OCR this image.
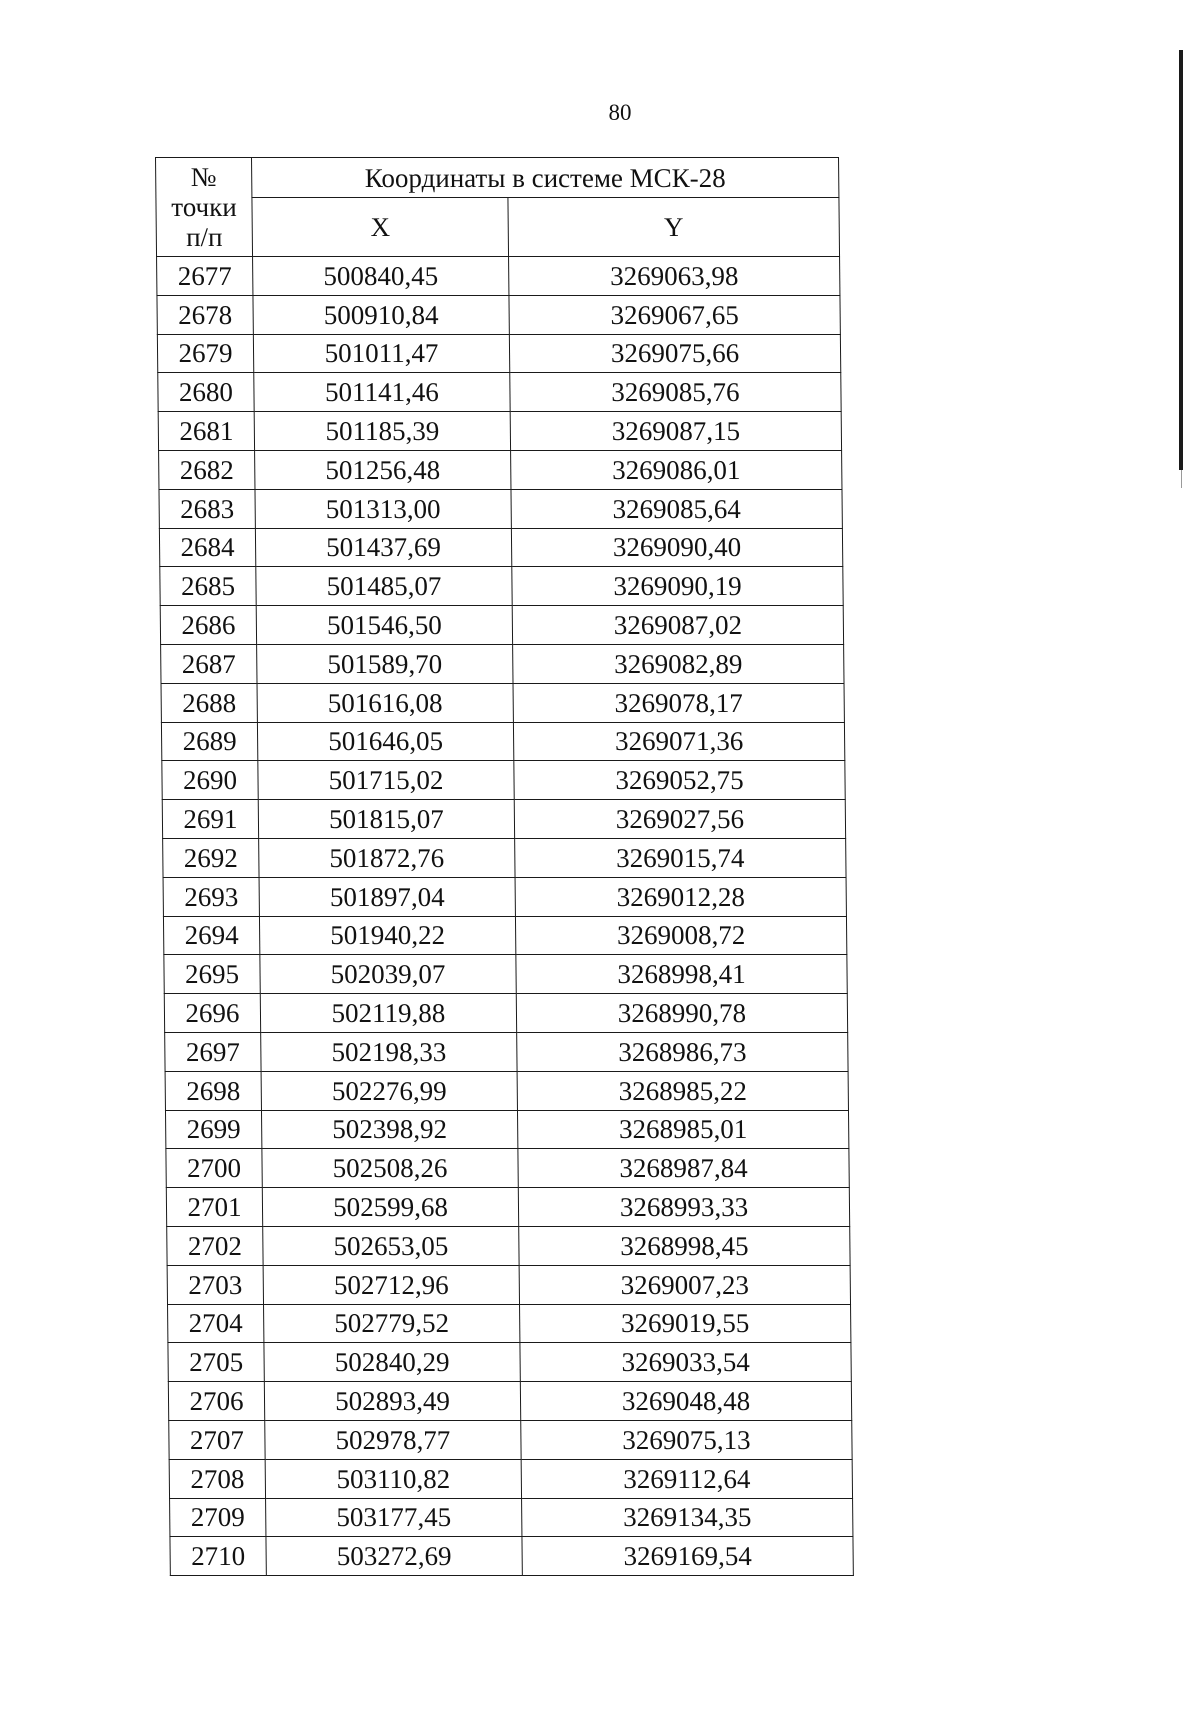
80
№
точки
п/п	Координаты в системе МСК-28	
	X	Y
2677	500840,45	3269063,98
2678	500910,84	3269067,65
2679	501011,47	3269075,66
2680	501141,46	3269085,76
2681	501185,39	3269087,15
2682	501256,48	3269086,01
2683	501313,00	3269085,64
2684	501437,69	3269090,40
2685	501485,07	3269090,19
2686	501546,50	3269087,02
2687	501589,70	3269082,89
2688	501616,08	3269078,17
2689	501646,05	3269071,36
2690	501715,02	3269052,75
2691	501815,07	3269027,56
2692	501872,76	3269015,74
2693	501897,04	3269012,28
2694	501940,22	3269008,72
2695	502039,07	3268998,41
2696	502119,88	3268990,78
2697	502198,33	3268986,73
2698	502276,99	3268985,22
2699	502398,92	3268985,01
2700	502508,26	3268987,84
2701	502599,68	3268993,33
2702	502653,05	3268998,45
2703	502712,96	3269007,23
2704	502779,52	3269019,55
2705	502840,29	3269033,54
2706	502893,49	3269048,48
2707	502978,77	3269075,13
2708	503110,82	3269112,64
2709	503177,45	3269134,35
2710	503272,69	3269169,54
